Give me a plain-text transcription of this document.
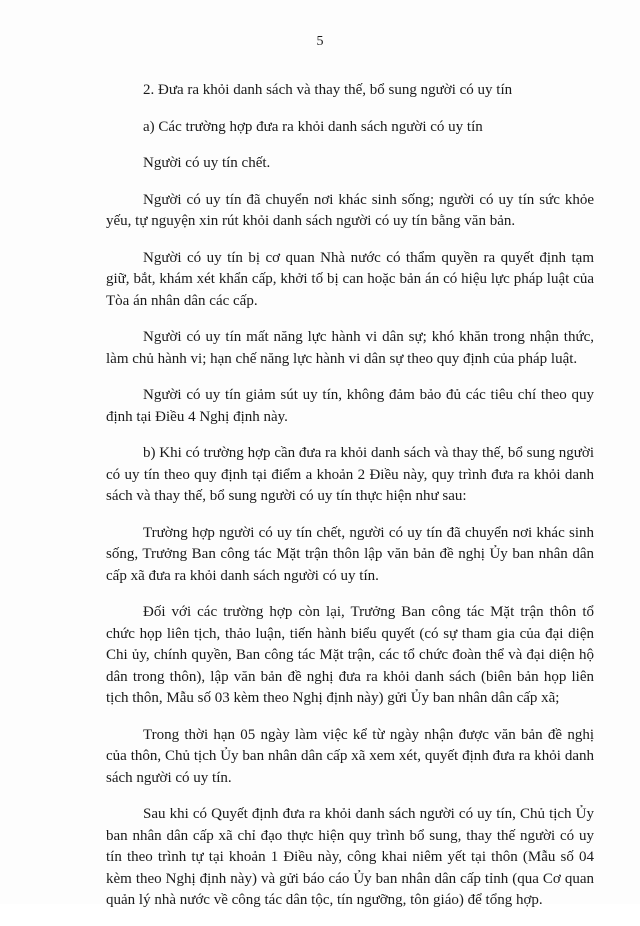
5

2. Đưa ra khỏi danh sách và thay thế, bổ sung người có uy tín

a) Các trường hợp đưa ra khỏi danh sách người có uy tín

Người có uy tín chết.

Người có uy tín đã chuyển nơi khác sinh sống; người có uy tín sức khỏe yếu, tự nguyện xin rút khỏi danh sách người có uy tín bằng văn bản.

Người có uy tín bị cơ quan Nhà nước có thẩm quyền ra quyết định tạm giữ, bắt, khám xét khẩn cấp, khởi tố bị can hoặc bản án có hiệu lực pháp luật của Tòa án nhân dân các cấp.

Người có uy tín mất năng lực hành vi dân sự; khó khăn trong nhận thức, làm chủ hành vi; hạn chế năng lực hành vi dân sự theo quy định của pháp luật.

Người có uy tín giảm sút uy tín, không đảm bảo đủ các tiêu chí theo quy định tại Điều 4 Nghị định này.

b) Khi có trường hợp cần đưa ra khỏi danh sách và thay thế, bổ sung người có uy tín theo quy định tại điểm a khoản 2 Điều này, quy trình đưa ra khỏi danh sách và thay thế, bổ sung người có uy tín thực hiện như sau:

Trường hợp người có uy tín chết, người có uy tín đã chuyển nơi khác sinh sống, Trưởng Ban công tác Mặt trận thôn lập văn bản đề nghị Ủy ban nhân dân cấp xã đưa ra khỏi danh sách người có uy tín.

Đối với các trường hợp còn lại, Trưởng Ban công tác Mặt trận thôn tổ chức họp liên tịch, thảo luận, tiến hành biểu quyết (có sự tham gia của đại diện Chi ủy, chính quyền, Ban công tác Mặt trận, các tổ chức đoàn thể và đại diện hộ dân trong thôn), lập văn bản đề nghị đưa ra khỏi danh sách (biên bản họp liên tịch thôn, Mẫu số 03 kèm theo Nghị định này) gửi Ủy ban nhân dân cấp xã;

Trong thời hạn 05 ngày làm việc kể từ ngày nhận được văn bản đề nghị của thôn, Chủ tịch Ủy ban nhân dân cấp xã xem xét, quyết định đưa ra khỏi danh sách người có uy tín.

Sau khi có Quyết định đưa ra khỏi danh sách người có uy tín, Chủ tịch Ủy ban nhân dân cấp xã chỉ đạo thực hiện quy trình bổ sung, thay thế người có uy tín theo trình tự tại khoản 1 Điều này, công khai niêm yết tại thôn (Mẫu số 04 kèm theo Nghị định này) và gửi báo cáo Ủy ban nhân dân cấp tỉnh (qua Cơ quan quản lý nhà nước về công tác dân tộc, tín ngưỡng, tôn giáo) để tổng hợp.
